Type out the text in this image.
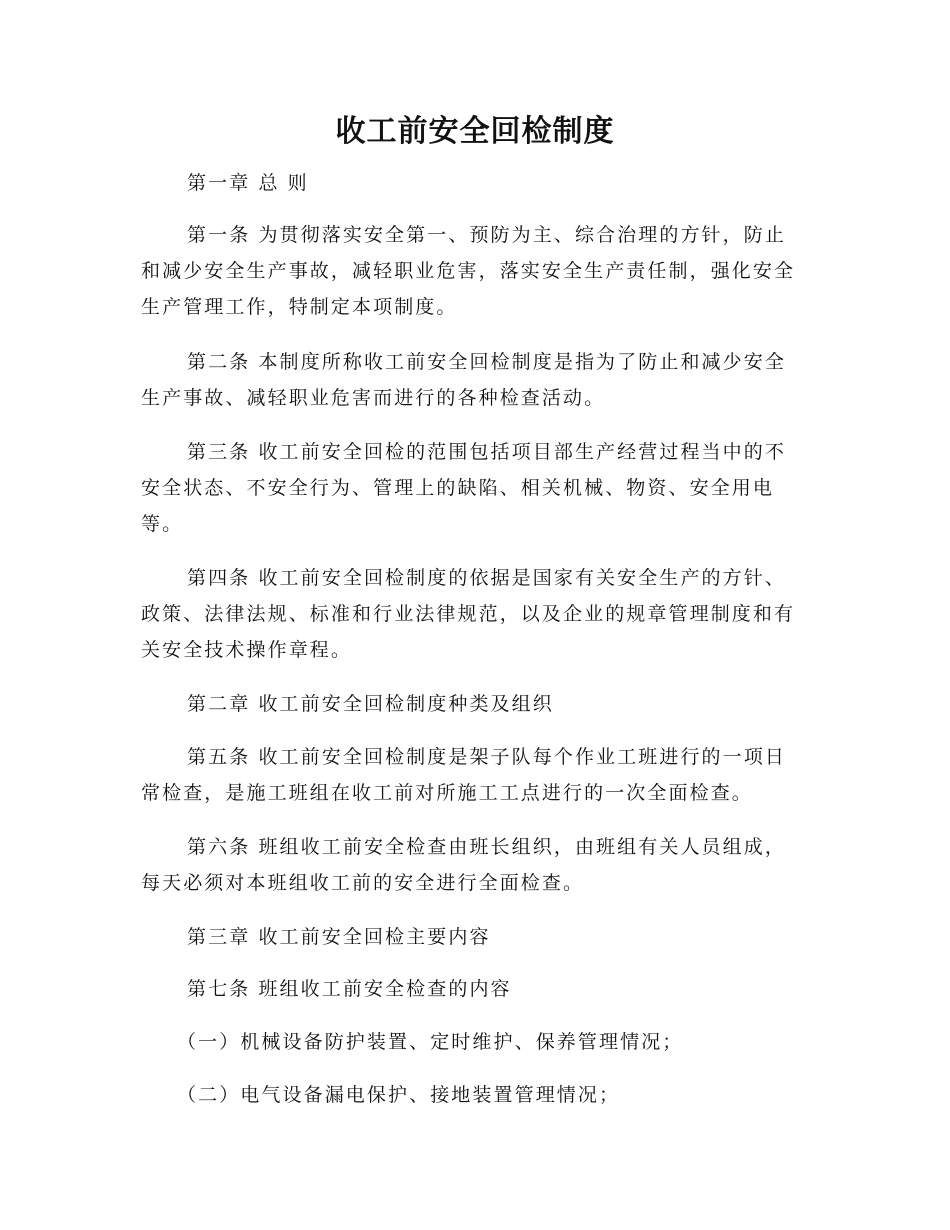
收工前安全回检制度

第一章 总 则

第一条 为贯彻落实安全第一、预防为主、综合治理的方针，防止和减少安全生产事故，减轻职业危害，落实安全生产责任制，强化安全生产管理工作，特制定本项制度。

第二条 本制度所称收工前安全回检制度是指为了防止和减少安全生产事故、减轻职业危害而进行的各种检查活动。

第三条 收工前安全回检的范围包括项目部生产经营过程当中的不安全状态、不安全行为、管理上的缺陷、相关机械、物资、安全用电等。

第四条 收工前安全回检制度的依据是国家有关安全生产的方针、政策、法律法规、标准和行业法律规范，以及企业的规章管理制度和有关安全技术操作章程。

第二章 收工前安全回检制度种类及组织

第五条 收工前安全回检制度是架子队每个作业工班进行的一项日常检查，是施工班组在收工前对所施工工点进行的一次全面检查。

第六条 班组收工前安全检查由班长组织，由班组有关人员组成，每天必须对本班组收工前的安全进行全面检查。

第三章 收工前安全回检主要内容

第七条 班组收工前安全检查的内容

（一）机械设备防护装置、定时维护、保养管理情况；

（二）电气设备漏电保护、接地装置管理情况；
